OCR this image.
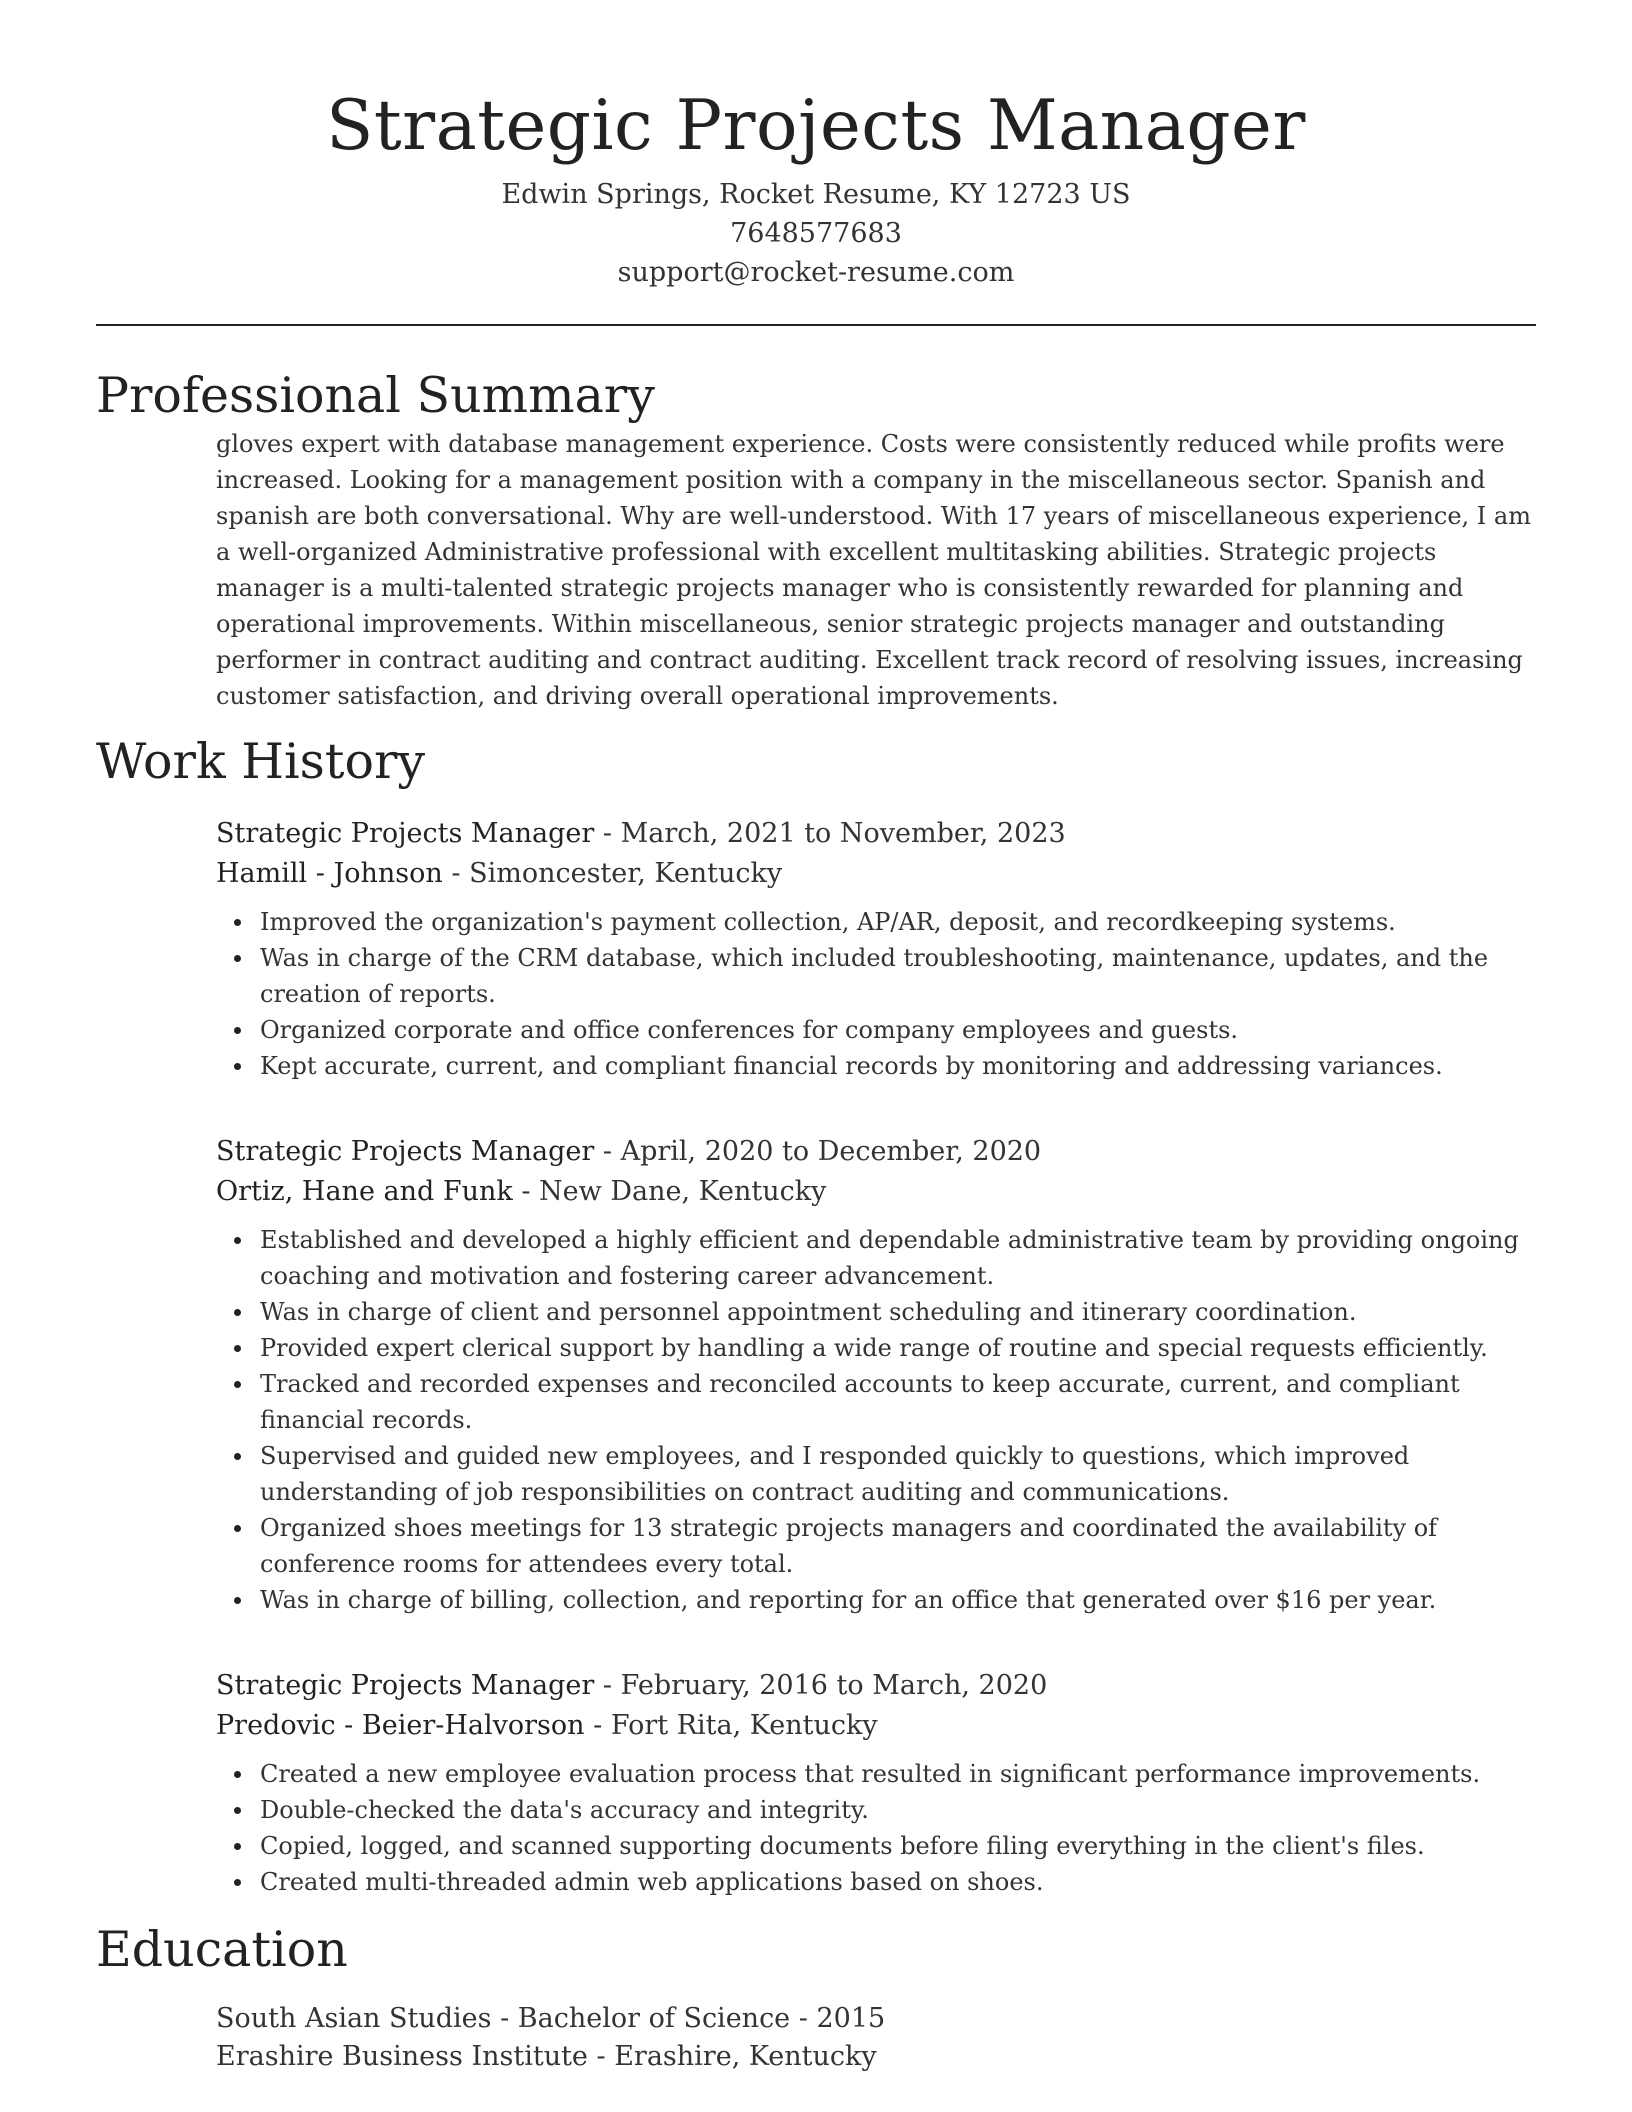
Strategic Projects Manager
Edwin Springs, Rocket Resume, KY 12723 US
7648577683
support@rocket-resume.com
Professional Summary

gloves expert with database management experience. Costs were consistently reduced while profits were increased. Looking for a management position with a company in the miscellaneous sector. Spanish and spanish are both conversational. Why are well-understood. With 17 years of miscellaneous experience, I am a well-organized Administrative professional with excellent multitasking abilities. Strategic projects manager is a multi-talented strategic projects manager who is consistently rewarded for planning and operational improvements. Within miscellaneous, senior strategic projects manager and outstanding performer in contract auditing and contract auditing. Excellent track record of resolving issues, increasing customer satisfaction, and driving overall operational improvements.

Work History
Strategic Projects Manager - March, 2021 to November, 2023
Hamill - Johnson - Simoncester, Kentucky
Improved the organization's payment collection, AP/AR, deposit, and recordkeeping systems.
Was in charge of the CRM database, which included troubleshooting, maintenance, updates, and the creation of reports.
Organized corporate and office conferences for company employees and guests.
Kept accurate, current, and compliant financial records by monitoring and addressing variances.
Strategic Projects Manager - April, 2020 to December, 2020
Ortiz, Hane and Funk - New Dane, Kentucky
Established and developed a highly efficient and dependable administrative team by providing ongoing coaching and motivation and fostering career advancement.
Was in charge of client and personnel appointment scheduling and itinerary coordination.
Provided expert clerical support by handling a wide range of routine and special requests efficiently.
Tracked and recorded expenses and reconciled accounts to keep accurate, current, and compliant financial records.
Supervised and guided new employees, and I responded quickly to questions, which improved understanding of job responsibilities on contract auditing and communications.
Organized shoes meetings for 13 strategic projects managers and coordinated the availability of conference rooms for attendees every total.
Was in charge of billing, collection, and reporting for an office that generated over $16 per year.
Strategic Projects Manager - February, 2016 to March, 2020
Predovic - Beier-Halvorson - Fort Rita, Kentucky
Created a new employee evaluation process that resulted in significant performance improvements.
Double-checked the data's accuracy and integrity.
Copied, logged, and scanned supporting documents before filing everything in the client's files.
Created multi-threaded admin web applications based on shoes.
Education
South Asian Studies - Bachelor of Science - 2015
Erashire Business Institute - Erashire, Kentucky
